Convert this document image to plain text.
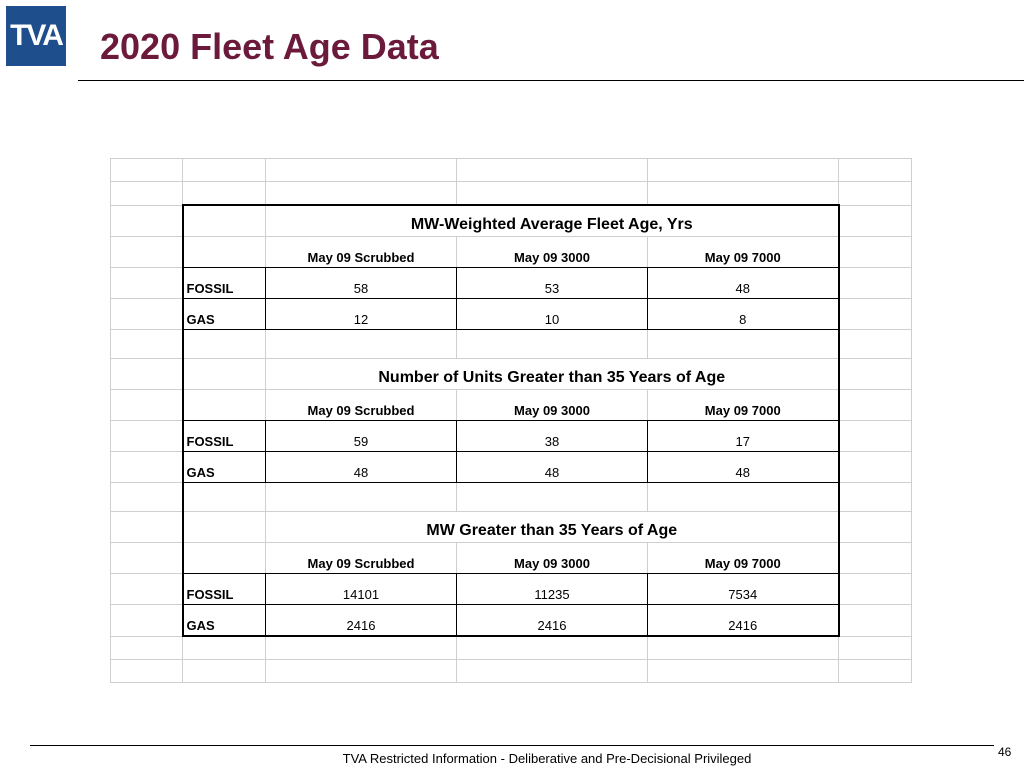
TVA 2020 Fleet Age Data

		MW-Weighted Average Fleet Age, Yrs			
		May 09 Scrubbed	May 09 3000	May 09 7000	
	FOSSIL	58	53	48	
	GAS	12	10	8	

		Number of Units Greater than 35 Years of Age			
		May 09 Scrubbed	May 09 3000	May 09 7000	
	FOSSIL	59	38	17	
	GAS	48	48	48	

		MW Greater than 35 Years of Age			
		May 09 Scrubbed	May 09 3000	May 09 7000	
	FOSSIL	14101	11235	7534	
	GAS	2416	2416	2416	

TVA Restricted Information - Deliberative and Pre-Decisional Privileged	46
